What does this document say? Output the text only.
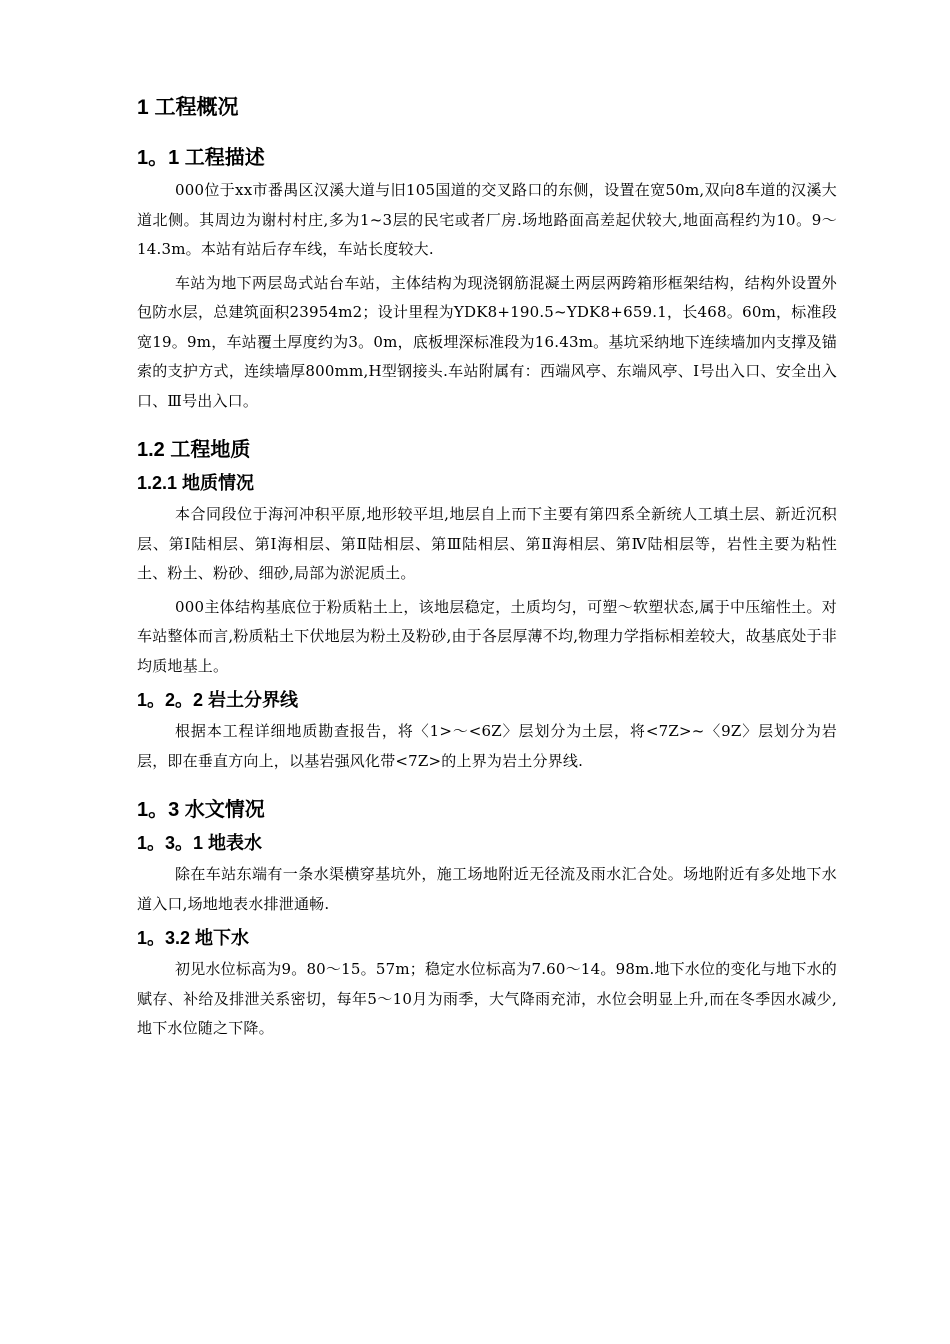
1 工程概况
1。1 工程描述

000位于xx市番禺区汉溪大道与旧105国道的交叉路口的东侧，设置在宽50m,双向8车道的汉溪大道北侧。其周边为谢村村庄,多为1~3层的民宅或者厂房.场地路面高差起伏较大,地面高程约为10。9～14.3m。本站有站后存车线，车站长度较大.

车站为地下两层岛式站台车站，主体结构为现浇钢筋混凝土两层两跨箱形框架结构，结构外设置外包防水层，总建筑面积23954m2；设计里程为YDK8+190.5~YDK8+659.1，长468。60m，标准段宽19。9m，车站覆土厚度约为3。0m，底板埋深标准段为16.43m。基坑采纳地下连续墙加内支撑及锚索的支护方式，连续墙厚800mm,H型钢接头.车站附属有：西端风亭、东端风亭、Ⅰ号出入口、安全出入口、Ⅲ号出入口。

1.2 工程地质
1.2.1 地质情况

本合同段位于海河冲积平原,地形较平坦,地层自上而下主要有第四系全新统人工填土层、新近沉积层、第Ⅰ陆相层、第Ⅰ海相层、第Ⅱ陆相层、第Ⅲ陆相层、第Ⅱ海相层、第Ⅳ陆相层等，岩性主要为粘性土、粉土、粉砂、细砂,局部为淤泥质土。

000主体结构基底位于粉质粘土上，该地层稳定，土质均匀，可塑～软塑状态,属于中压缩性土。对车站整体而言,粉质粘土下伏地层为粉土及粉砂,由于各层厚薄不均,物理力学指标相差较大，故基底处于非均质地基上。

1。2。2 岩土分界线

根据本工程详细地质勘查报告，将〈1>～<6Z〉层划分为土层，将<7Z>~〈9Z〉层划分为岩层，即在垂直方向上，以基岩强风化带<7Z>的上界为岩土分界线.

1。3 水文情况
1。3。1 地表水

除在车站东端有一条水渠横穿基坑外，施工场地附近无径流及雨水汇合处。场地附近有多处地下水道入口,场地地表水排泄通畅.

1。3.2 地下水

初见水位标高为9。80～15。57m；稳定水位标高为7.60～14。98m.地下水位的变化与地下水的赋存、补给及排泄关系密切，每年5～10月为雨季，大气降雨充沛，水位会明显上升,而在冬季因水减少,地下水位随之下降。
